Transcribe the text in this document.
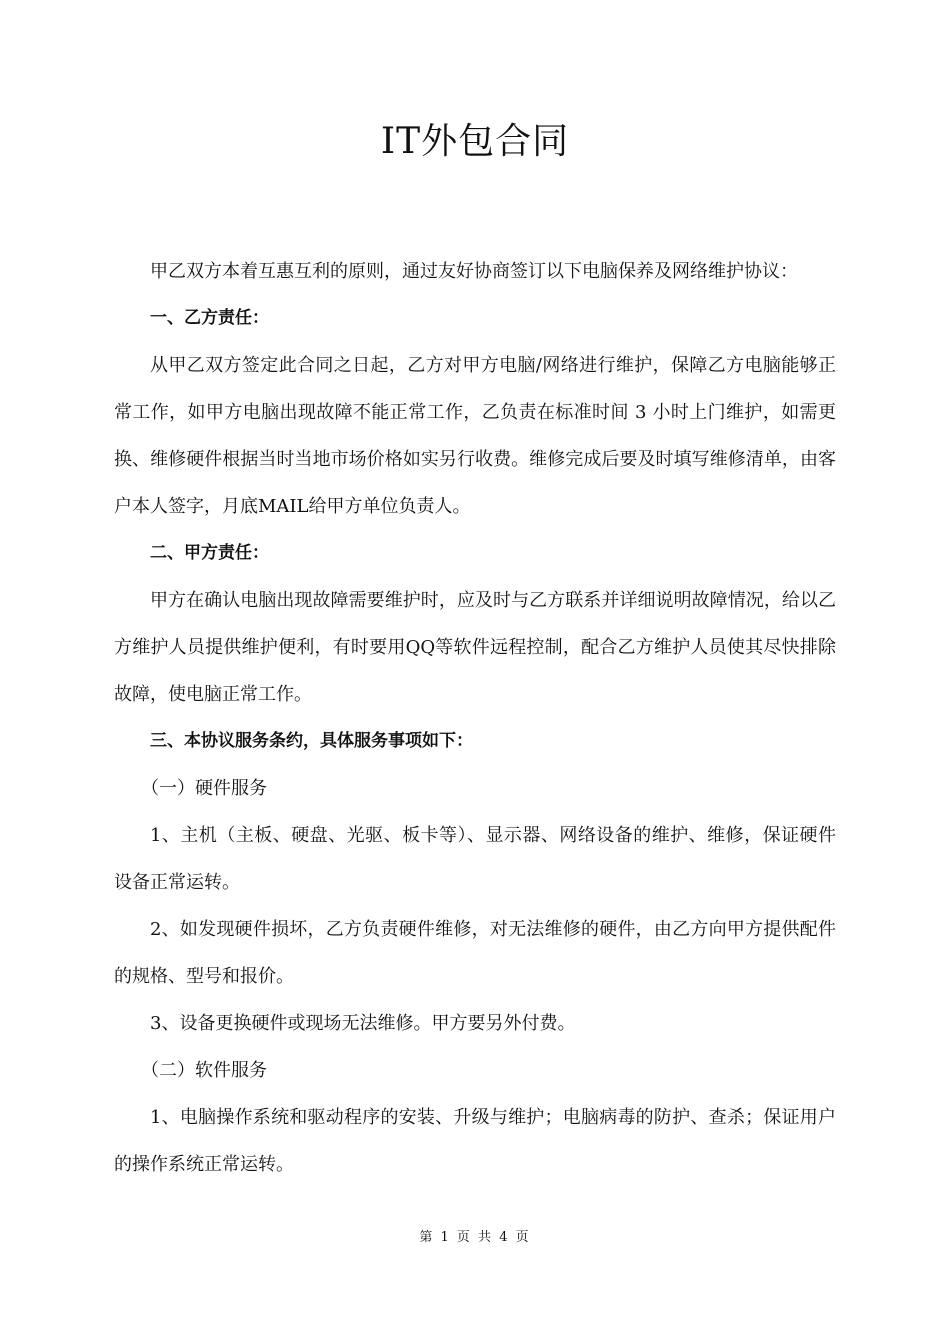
IT外包合同

甲乙双方本着互惠互利的原则，通过友好协商签订以下电脑保养及网络维护协议：

一、乙方责任：

从甲乙双方签定此合同之日起，乙方对甲方电脑/网络进行维护，保障乙方电脑能够正常工作，如甲方电脑出现故障不能正常工作，乙负责在标准时间 3 小时上门维护，如需更换、维修硬件根据当时当地市场价格如实另行收费。维修完成后要及时填写维修清单，由客户本人签字，月底MAIL给甲方单位负责人。

二、甲方责任：

甲方在确认电脑出现故障需要维护时，应及时与乙方联系并详细说明故障情况，给以乙方维护人员提供维护便利，有时要用QQ等软件远程控制，配合乙方维护人员使其尽快排除故障，使电脑正常工作。

三、本协议服务条约，具体服务事项如下：

（一）硬件服务

1、主机（主板、硬盘、光驱、板卡等）、显示器、网络设备的维护、维修，保证硬件设备正常运转。

2、如发现硬件损坏，乙方负责硬件维修，对无法维修的硬件，由乙方向甲方提供配件的规格、型号和报价。

3、设备更换硬件或现场无法维修。甲方要另外付费。

（二）软件服务

1、电脑操作系统和驱动程序的安装、升级与维护；电脑病毒的防护、查杀；保证用户的操作系统正常运转。

第 1 页 共 4 页
